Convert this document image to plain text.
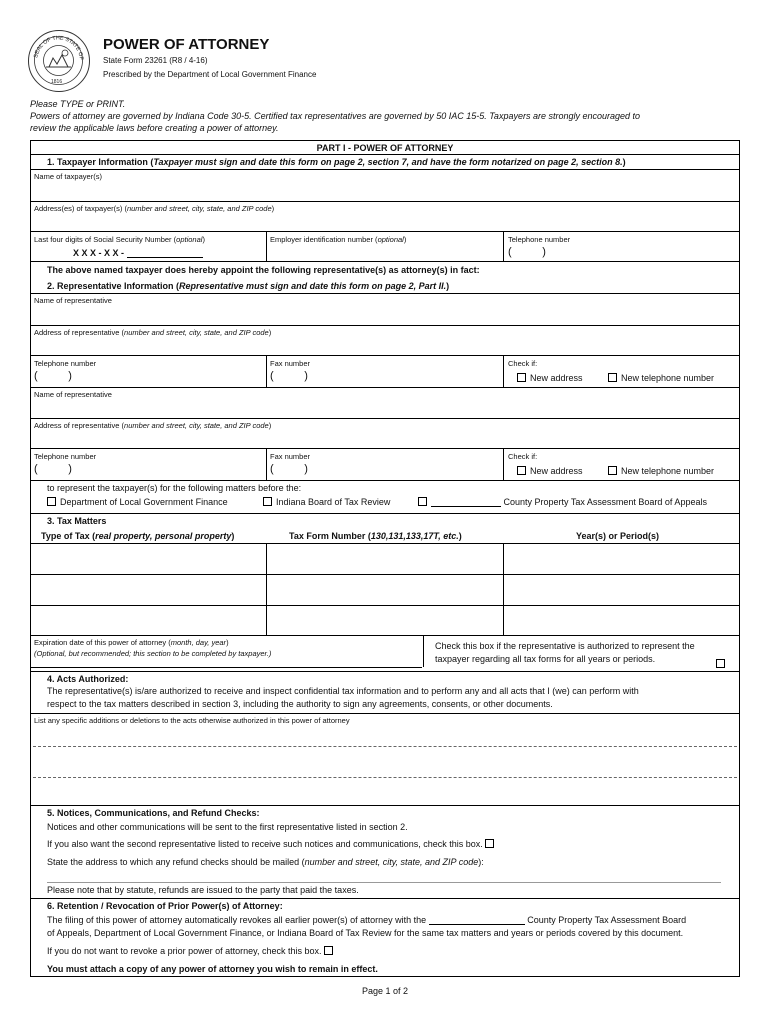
SEAL OF THE STATE OF
1816
POWER OF ATTORNEY
State Form 23261 (R8 / 4-16)
Prescribed by the Department of Local Government Finance
Please TYPE or PRINT.
Powers of attorney are governed by Indiana Code 30-5. Certified tax representatives are governed by 50 IAC 15-5. Taxpayers are strongly encouraged to
review the applicable laws before creating a power of attorney.
PART I - POWER OF ATTORNEY
1. Taxpayer Information (Taxpayer must sign and date this form on page 2, section 7, and have the form notarized on page 2, section 8.)
Name of taxpayer(s)
Address(es) of taxpayer(s) (number and street, city, state, and ZIP code)
Last four digits of Social Security Number (optional)
X X X - X X -
Employer identification number (optional)	Telephone number
(          )
The above named taxpayer does hereby appoint the following representative(s) as attorney(s) in fact:
2. Representative Information (Representative must sign and date this form on page 2, Part II.)
Name of representative
Address of representative (number and street, city, state, and ZIP code)
Telephone number
(          )
Fax number
(          )
Check if:
New address	New telephone number
Name of representative
Address of representative (number and street, city, state, and ZIP code)
Telephone number
(          )
Fax number
(          )
Check if:
New address	New telephone number
to represent the taxpayer(s) for the following matters before the:
Department of Local Government Finance	Indiana Board of Tax Review	County Property Tax Assessment Board of Appeals
3. Tax Matters
Type of Tax (real property, personal property)	Tax Form Number (130,131,133,17T, etc.)	Year(s) or Period(s)
Expiration date of this power of attorney (month, day, year)
(Optional, but recommended; this section to be completed by taxpayer.)
Check this box if the representative is authorized to represent the
taxpayer regarding all tax forms for all years or periods.
4. Acts Authorized:
The representative(s) is/are authorized to receive and inspect confidential tax information and to perform any and all acts that I (we) can perform with
respect to the tax matters described in section 3, including the authority to sign any agreements, consents, or other documents.
List any specific additions or deletions to the acts otherwise authorized in this power of attorney
5. Notices, Communications, and Refund Checks:
Notices and other communications will be sent to the first representative listed in section 2.
If you also want the second representative listed to receive such notices and communications, check this box.
State the address to which any refund checks should be mailed (number and street, city, state, and ZIP code):
Please note that by statute, refunds are issued to the party that paid the taxes.
6. Retention / Revocation of Prior Power(s) of Attorney:
The filing of this power of attorney automatically revokes all earlier power(s) of attorney with the	County Property Tax Assessment Board
of Appeals, Department of Local Government Finance, or Indiana Board of Tax Review for the same tax matters and years or periods covered by this document.
If you do not want to revoke a prior power of attorney, check this box.
You must attach a copy of any power of attorney you wish to remain in effect.
Page 1 of 2
